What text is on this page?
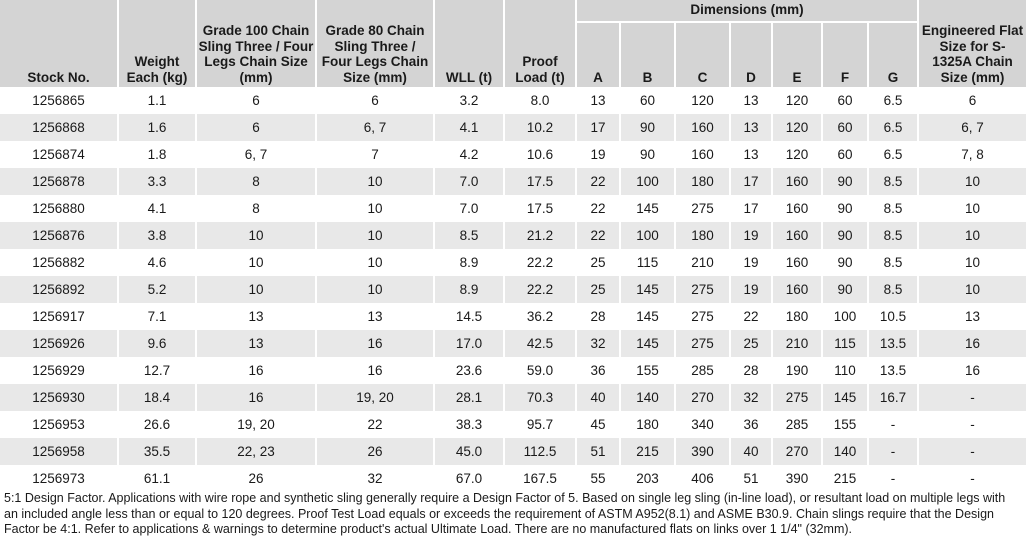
Stock No.	Weight Each (kg)	Grade 100 Chain Sling Three / Four Legs Chain Size (mm)	Grade 80 Chain Sling Three / Four Legs Chain Size (mm)	WLL (t)	Proof Load (t)	Dimensions (mm)							Engineered Flat Size for S-1325A Chain Size (mm)
						A	B	C	D	E	F	G	
1256865	1.1	6	6	3.2	8.0	13	60	120	13	120	60	6.5	6
1256868	1.6	6	6, 7	4.1	10.2	17	90	160	13	120	60	6.5	6, 7
1256874	1.8	6, 7	7	4.2	10.6	19	90	160	13	120	60	6.5	7, 8
1256878	3.3	8	10	7.0	17.5	22	100	180	17	160	90	8.5	10
1256880	4.1	8	10	7.0	17.5	22	145	275	17	160	90	8.5	10
1256876	3.8	10	10	8.5	21.2	22	100	180	19	160	90	8.5	10
1256882	4.6	10	10	8.9	22.2	25	115	210	19	160	90	8.5	10
1256892	5.2	10	10	8.9	22.2	25	145	275	19	160	90	8.5	10
1256917	7.1	13	13	14.5	36.2	28	145	275	22	180	100	10.5	13
1256926	9.6	13	16	17.0	42.5	32	145	275	25	210	115	13.5	16
1256929	12.7	16	16	23.6	59.0	36	155	285	28	190	110	13.5	16
1256930	18.4	16	19, 20	28.1	70.3	40	140	270	32	275	145	16.7	-
1256953	26.6	19, 20	22	38.3	95.7	45	180	340	36	285	155	-	-
1256958	35.5	22, 23	26	45.0	112.5	51	215	390	40	270	140	-	-
1256973	61.1	26	32	67.0	167.5	55	203	406	51	390	215	-	-
5:1 Design Factor. Applications with wire rope and synthetic sling generally require a Design Factor of 5. Based on single leg sling (in-line load), or resultant load on multiple legs with an included angle less than or equal to 120 degrees. Proof Test Load equals or exceeds the requirement of ASTM A952(8.1) and ASME B30.9. Chain slings require that the Design Factor be 4:1. Refer to applications & warnings to determine product's actual Ultimate Load. There are no manufactured flats on links over 1 1/4" (32mm).
